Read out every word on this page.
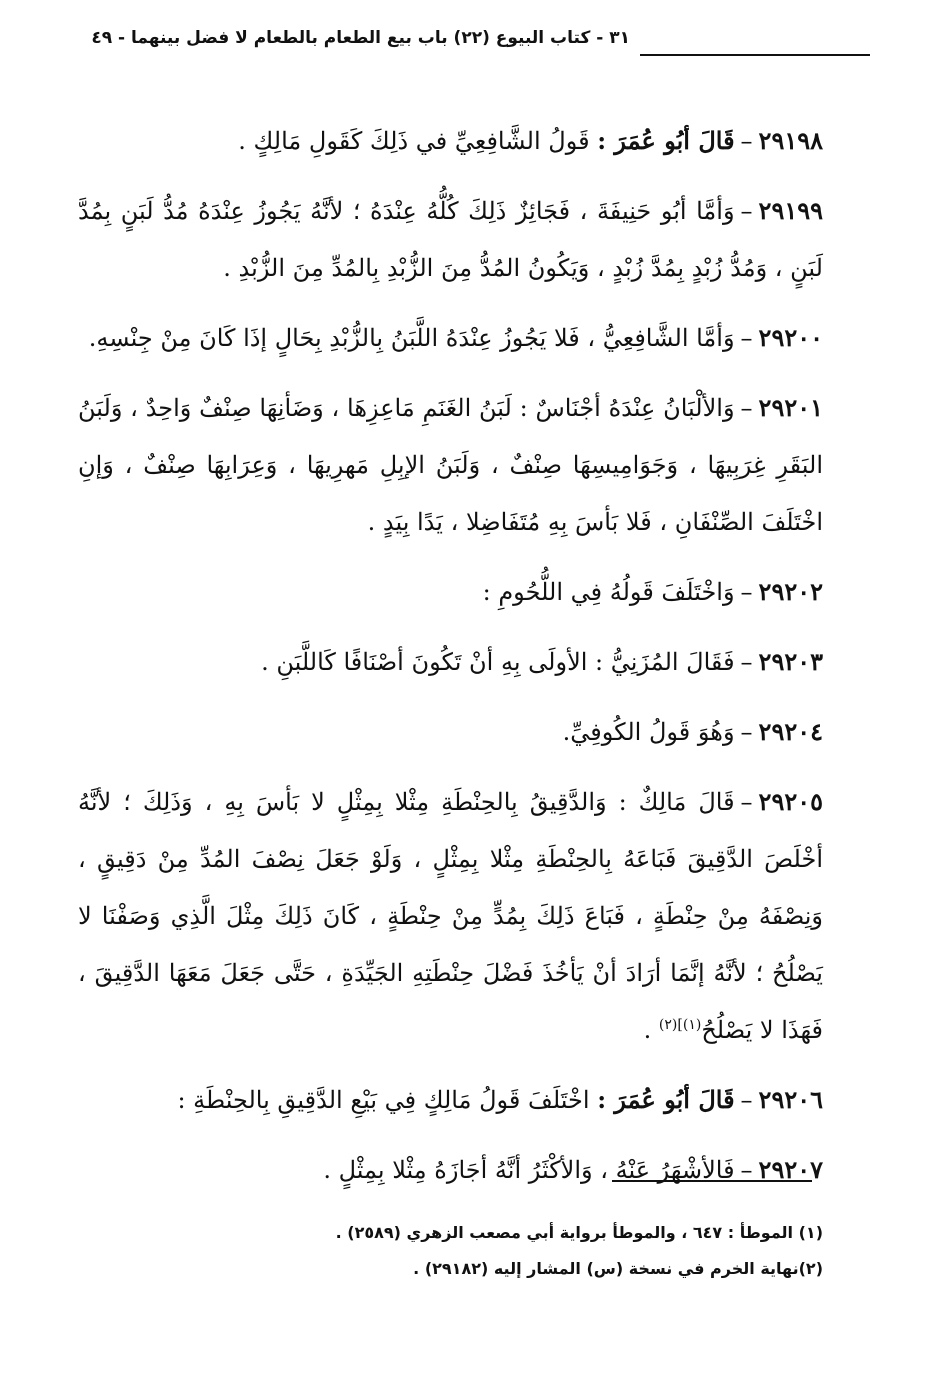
٣١ - كتاب البيوع (٢٢) باب بيع الطعام بالطعام لا فضل بينهما - ٤٩

٢٩١٩٨–قَالَ أبُو عُمَرَ : قَولُ الشَّافِعِيِّ في ذَلِكَ كَقَولِ مَالِكٍ .

٢٩١٩٩–وَأمَّا أبُو حَنِيفَةَ ، فَجَائِزٌ ذَلِكَ كُلُّهُ عِنْدَهُ ؛ لأنَّهُ يَجُوزُ عِنْدَهُ مُدُّ لَبَنٍ بِمُدَّ لَبَنٍ ، وَمُدُّ زُبْدٍ بِمُدَّ زُبْدٍ ، وَيَكُونُ المُدُّ مِنَ الزُّبْدِ بِالمُدِّ مِنَ الزُّبْدِ .

٢٩٢٠٠–وَأمَّا الشَّافِعِيُّ ، فَلا يَجُوزُ عِنْدَهُ اللَّبَنُ بِالزُّبْدِ بِحَالٍ إذَا كَانَ مِنْ جِنْسِهِ.

٢٩٢٠١–وَالألْبَانُ عِنْدَهُ أجْنَاسٌ : لَبَنُ الغَنَمِ مَاعِزِهَا ، وَضَأنِهَا صِنْفٌ وَاحِدٌ ، وَلَبَنُ البَقَرِ غِرَبِيهَا ، وَجَوَامِيسِهَا صِنْفٌ ، وَلَبَنُ الإبِلِ مَهرِيهَا ، وَعِرَابِهَا صِنْفٌ ، وَإنِ اخْتَلَفَ الصِّنْفَانِ ، فَلا بَأسَ بِهِ مُتَفَاضِلا ، يَدًا بِيَدٍ .

٢٩٢٠٢–وَاخْتَلَفَ قَولُهُ فِي اللُّحُومِ :

٢٩٢٠٣–فَقَالَ المُزَنِيُّ : الأولَى بِهِ أنْ تَكُونَ أصْنَافًا كَاللَّبَنِ .

٢٩٢٠٤–وَهُوَ قَولُ الكُوفِيِّ.

٢٩٢٠٥–قَالَ مَالِكٌ : وَالدَّقِيقُ بِالحِنْطَةِ مِثْلا بِمِثْلٍ لا بَأسَ بِهِ ، وَذَلِكَ ؛ لأنَّهُ أخْلَصَ الدَّقِيقَ فَبَاعَهُ بِالحِنْطَةِ مِثْلا بِمِثْلٍ ، وَلَوْ جَعَلَ نِصْفَ المُدِّ مِنْ دَقِيقٍ ، وَنِصْفَهُ مِنْ حِنْطَةٍ ، فَبَاعَ ذَلِكَ بِمُدٍّ مِنْ حِنْطَةٍ ، كَانَ ذَلِكَ مِثْلَ الَّذِي وَصَفْنَا لا يَصْلُحُ ؛ لأنَّهُ إنَّمَا أرَادَ أنْ يَأخُذَ فَضْلَ حِنْطَتِهِ الجَيِّدَةِ ، حَتَّى جَعَلَ مَعَهَا الدَّقِيقَ ، فَهَذَا لا يَصْلُحُ$^{(١)](٢)}$ .

٢٩٢٠٦–قَالَ أبُو عُمَرَ : اخْتَلَفَ قَولُ مَالِكٍ فِي بَيْعِ الدَّقِيقِ بِالحِنْطَةِ :

٢٩٢٠٧–فَالأشْهَرُ عَنْهُ ، وَالأكْثَرُ أنَّهُ أجَازَهُ مِثْلا بِمِثْلٍ .

(١) الموطأ : ٦٤٧ ، والموطأ برواية أبي مصعب الزهري (٢٥٨٩) .

(٢)نهاية الخرم في نسخة (س) المشار إليه (٢٩١٨٢) .
